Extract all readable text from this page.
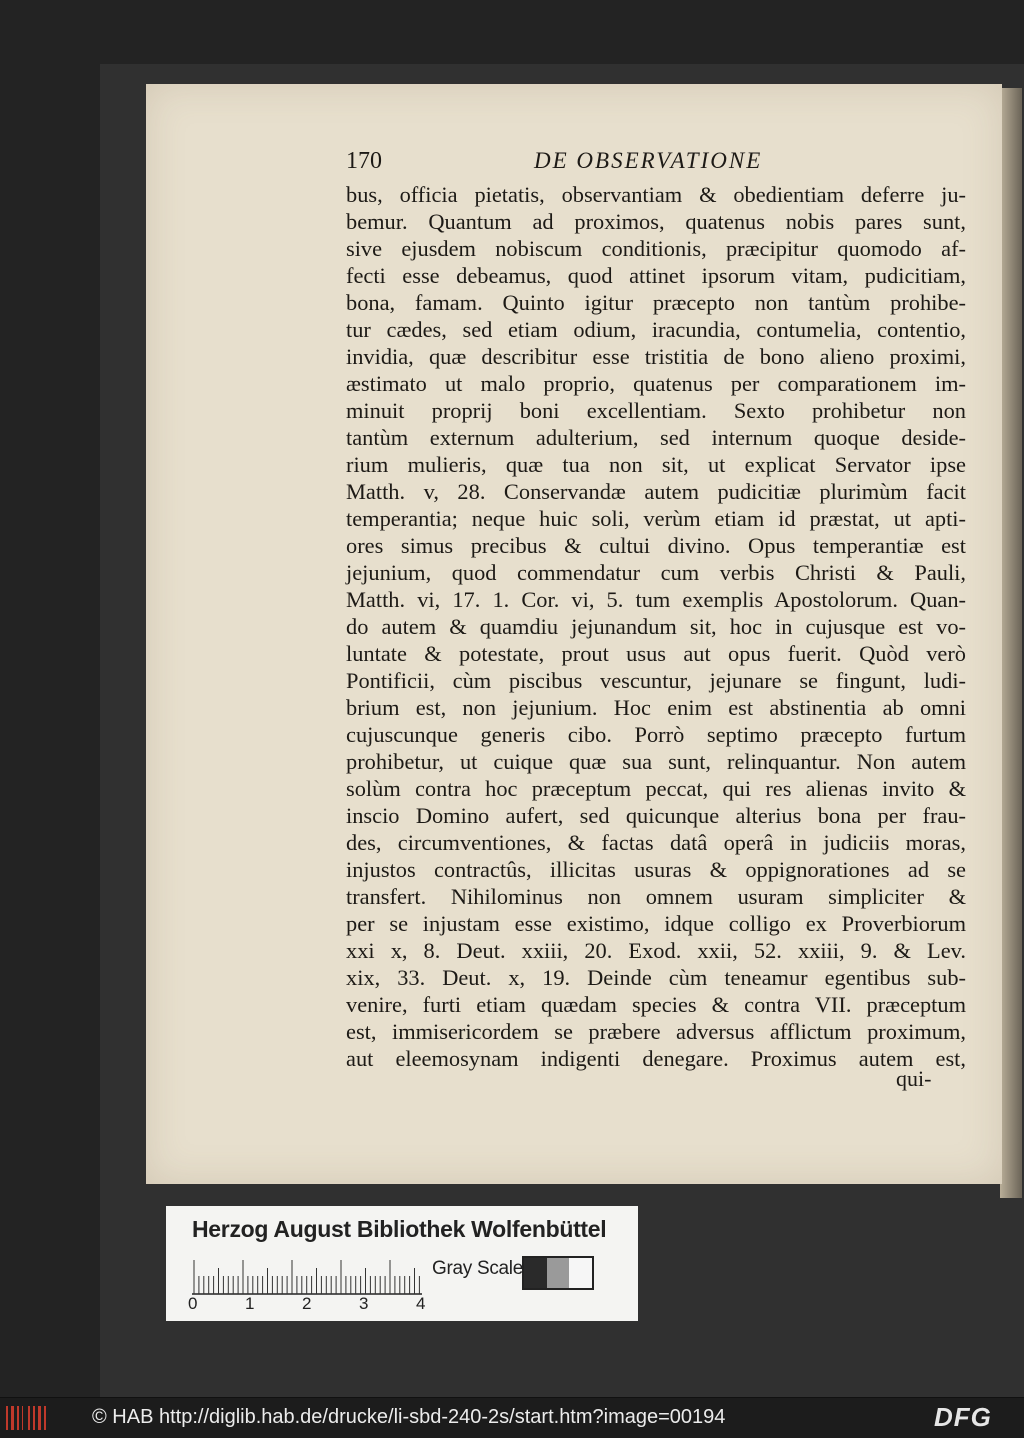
170	DE OBSERVATIONE
bus, officia pietatis, observantiam & obedientiam deferre ju-
bemur. Quantum ad proximos, quatenus nobis pares sunt,
sive ejusdem nobiscum conditionis, præcipitur quomodo af-
fecti esse debeamus, quod attinet ipsorum vitam, pudicitiam,
bona, famam. Quinto igitur præcepto non tantùm prohibe-
tur cædes, sed etiam odium, iracundia, contumelia, contentio,
invidia, quæ describitur esse tristitia de bono alieno proximi,
æstimato ut malo proprio, quatenus per comparationem im-
minuit proprij boni excellentiam. Sexto prohibetur non
tantùm externum adulterium, sed internum quoque deside-
rium mulieris, quæ tua non sit, ut explicat Servator ipse
Matth. v, 28. Conservandæ autem pudicitiæ plurimùm facit
temperantia; neque huic soli, verùm etiam id præstat, ut apti-
ores simus precibus & cultui divino. Opus temperantiæ est
jejunium, quod commendatur cum verbis Christi & Pauli,
Matth. vi, 17. 1. Cor. vi, 5. tum exemplis Apostolorum. Quan-
do autem & quamdiu jejunandum sit, hoc in cujusque est vo-
luntate & potestate, prout usus aut opus fuerit. Quòd verò
Pontificii, cùm piscibus vescuntur, jejunare se fingunt, ludi-
brium est, non jejunium. Hoc enim est abstinentia ab omni
cujuscunque generis cibo. Porrò septimo præcepto furtum
prohibetur, ut cuique quæ sua sunt, relinquantur. Non autem
solùm contra hoc præceptum peccat, qui res alienas invito &
inscio Domino aufert, sed quicunque alterius bona per frau-
des, circumventiones, & factas datâ operâ in judiciis moras,
injustos contractûs, illicitas usuras & oppignorationes ad se
transfert. Nihilominus non omnem usuram simpliciter &
per se injustam esse existimo, idque colligo ex Proverbiorum
xxi x, 8. Deut. xxiii, 20. Exod. xxii, 52. xxiii, 9. & Lev.
xix, 33. Deut. x, 19. Deinde cùm teneamur egentibus sub-
venire, furti etiam quædam species & contra VII. præceptum
est, immisericordem se præbere adversus afflictum proximum,
aut eleemosynam indigenti denegare. Proximus autem est,
qui-
Herzog August Bibliothek Wolfenbüttel
0	1	2	3	4
Gray Scale
© HAB http://diglib.hab.de/drucke/li-sbd-240-2s/start.htm?image=00194	DFG
